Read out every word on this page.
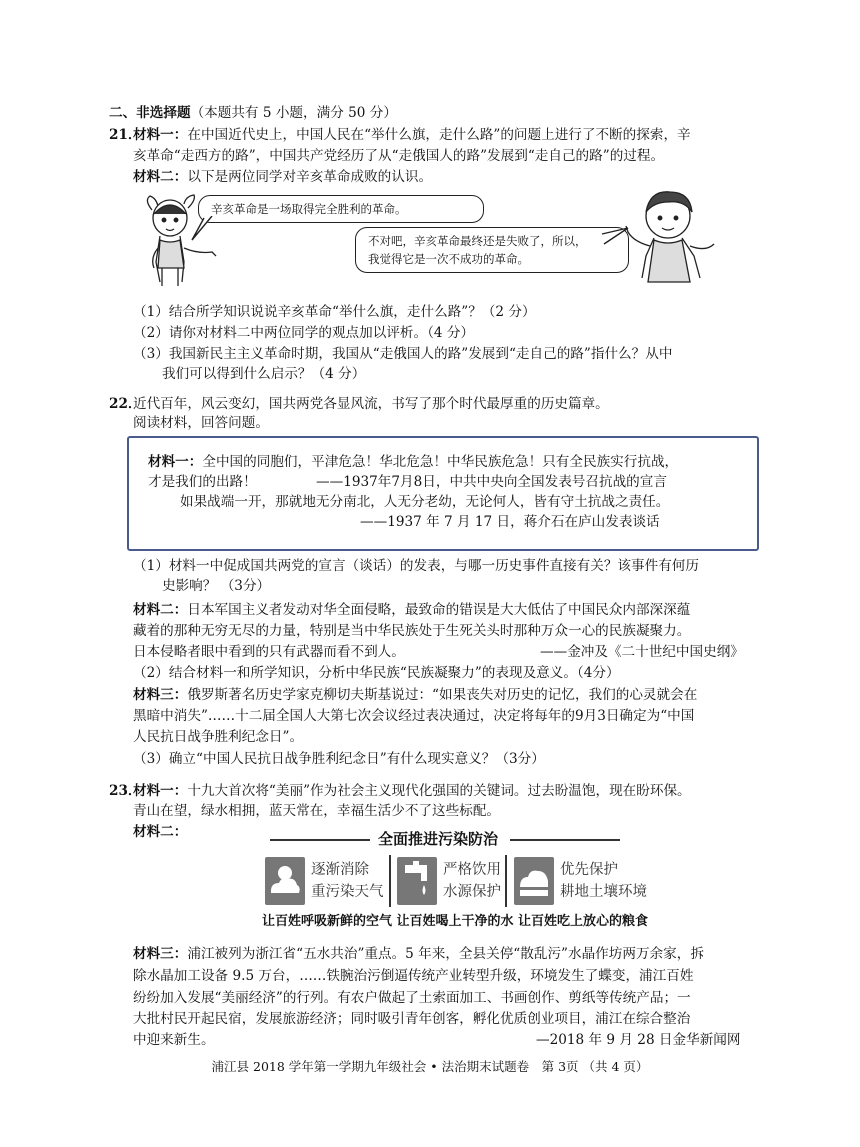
二、非选择题（本题共有 5 小题，满分 50 分）
21．
材料一：在中国近代史上，中国人民在“举什么旗，走什么路”的问题上进行了不断的探索，辛
亥革命“走西方的路”，中国共产党经历了从“走俄国人的路”发展到“走自己的路”的过程。
材料二：以下是两位同学对辛亥革命成败的认识。
辛亥革命是一场取得完全胜利的革命。
不对吧，辛亥革命最终还是失败了，所以，
我觉得它是一次不成功的革命。
（1）结合所学知识说说辛亥革命“举什么旗，走什么路”？（2 分）
（2）请你对材料二中两位同学的观点加以评析。（4 分）
（3）我国新民主主义革命时期，我国从“走俄国人的路”发展到“走自己的路”指什么？从中
我们可以得到什么启示？（4 分）
22．
近代百年，风云变幻，国共两党各显风流，书写了那个时代最厚重的历史篇章。
阅读材料，回答问题。
材料一：全中国的同胞们，平津危急！华北危急！中华民族危急！只有全民族实行抗战，
才是我们的出路！	——1937年7月8日，中共中央向全国发表号召抗战的宣言
如果战端一开，那就地无分南北，人无分老幼，无论何人，皆有守土抗战之责任。
——1937 年 7 月 17 日，蒋介石在庐山发表谈话
（1）材料一中促成国共两党的宣言（谈话）的发表，与哪一历史事件直接有关？该事件有何历
史影响？ （3分）
材料二：日本军国主义者发动对华全面侵略，最致命的错误是大大低估了中国民众内部深深蕴
藏着的那种无穷无尽的力量，特别是当中华民族处于生死关头时那种万众一心的民族凝聚力。
日本侵略者眼中看到的只有武器而看不到人。	——金冲及《二十世纪中国史纲》
（2）结合材料一和所学知识，分析中华民族“民族凝聚力”的表现及意义。（4分）
材料三：俄罗斯著名历史学家克柳切夫斯基说过：“如果丧失对历史的记忆，我们的心灵就会在
黑暗中消失”……十二届全国人大第七次会议经过表决通过，决定将每年的9月3日确定为“中国
人民抗日战争胜利纪念日”。
（3）确立“中国人民抗日战争胜利纪念日”有什么现实意义？（3分）
23．
材料一：十九大首次将“美丽”作为社会主义现代化强国的关键词。过去盼温饱，现在盼环保。
青山在望，绿水相拥，蓝天常在，幸福生活少不了这些标配。
材料二：	全面推进污染防治
逐渐消除
重污染天气
严格饮用
水源保护
优先保护
耕地土壤环境
让百姓呼吸新鲜的空气 让百姓喝上干净的水 让百姓吃上放心的粮食
材料三：浦江被列为浙江省“五水共治”重点。5 年来，全县关停“散乱污”水晶作坊两万余家，拆
除水晶加工设备 9.5 万台，……铁腕治污倒逼传统产业转型升级，环境发生了蝶变，浦江百姓
纷纷加入发展“美丽经济”的行列。有农户做起了土索面加工、书画创作、剪纸等传统产品；一
大批村民开起民宿，发展旅游经济；同时吸引青年创客，孵化优质创业项目，浦江在综合整治
中迎来新生。	—2018 年 9 月 28 日金华新闻网
浦江县 2018 学年第一学期九年级社会 • 法治期末试题卷　第 3页 （共 4 页）
